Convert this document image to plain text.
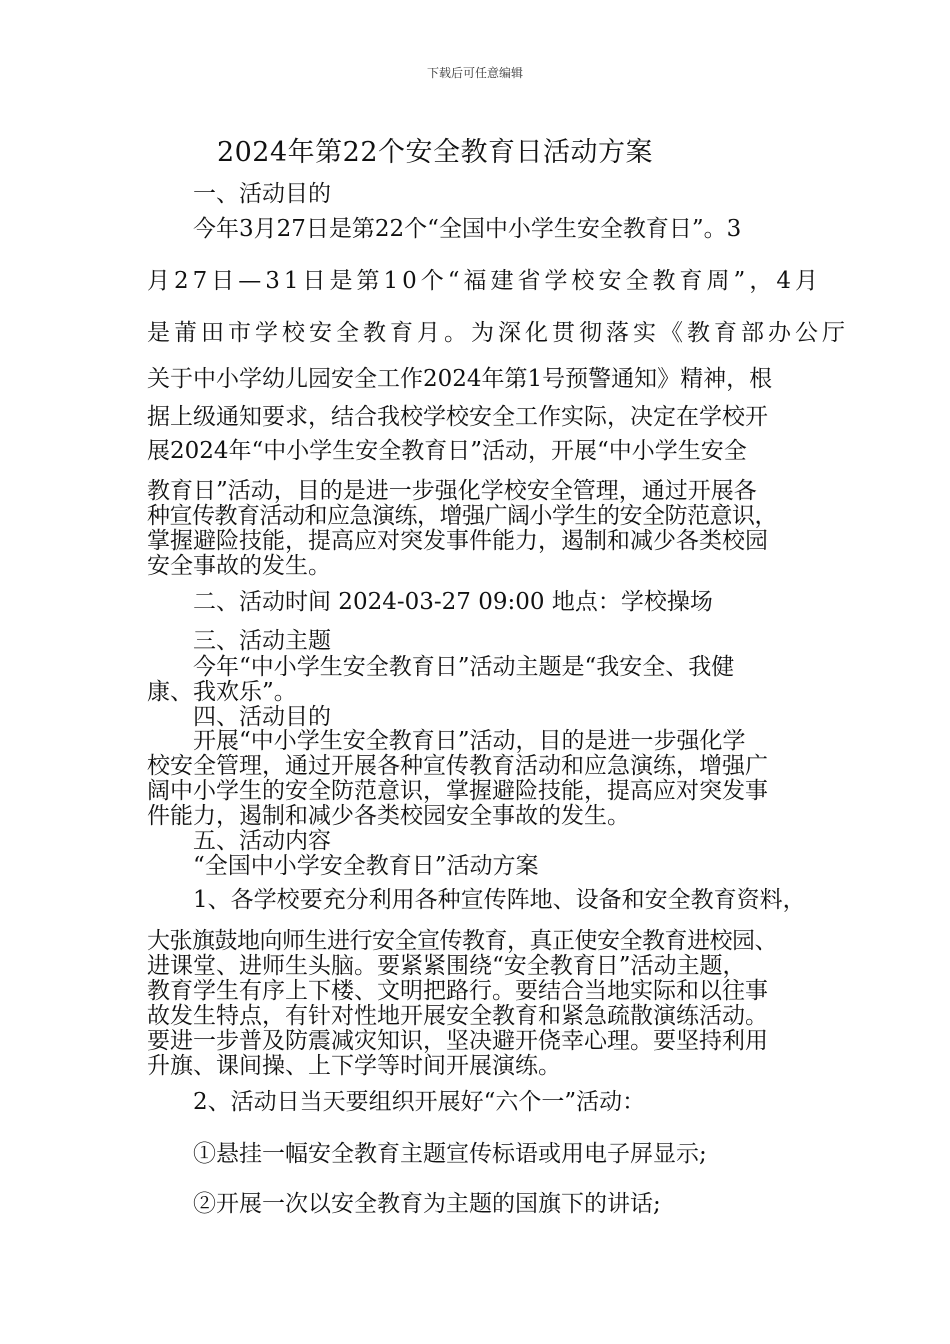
下载后可任意编辑
2024年第22个安全教育日活动方案
一、活动目的
今年3月27日是第22个“全国中小学生安全教育日”。3
月27日—31日是第10个“福建省学校安全教育周”，4月
是莆田市学校安全教育月。为深化贯彻落实《教育部办公厅
关于中小学幼儿园安全工作2024年第1号预警通知》精神，根
据上级通知要求，结合我校学校安全工作实际，决定在学校开
展2024年“中小学生安全教育日”活动，开展“中小学生安全
教育日”活动，目的是进一步强化学校安全管理，通过开展各
种宣传教育活动和应急演练，增强广阔小学生的安全防范意识，
掌握避险技能，提高应对突发事件能力，遏制和减少各类校园
安全事故的发生。
二、活动时间 2024-03-27 09:00 地点：学校操场
三、活动主题
今年“中小学生安全教育日”活动主题是“我安全、我健
康、我欢乐”。
四、活动目的
开展“中小学生安全教育日”活动，目的是进一步强化学
校安全管理，通过开展各种宣传教育活动和应急演练，增强广
阔中小学生的安全防范意识，掌握避险技能，提高应对突发事
件能力，遏制和减少各类校园安全事故的发生。
五、活动内容
“全国中小学安全教育日”活动方案
1、各学校要充分利用各种宣传阵地、设备和安全教育资料，
大张旗鼓地向师生进行安全宣传教育，真正使安全教育进校园、
进课堂、进师生头脑。要紧紧围绕“安全教育日”活动主题，
教育学生有序上下楼、文明把路行。要结合当地实际和以往事
故发生特点，有针对性地开展安全教育和紧急疏散演练活动。
要进一步普及防震减灾知识，坚决避开侥幸心理。要坚持利用
升旗、课间操、上下学等时间开展演练。
2、活动日当天要组织开展好“六个一”活动：
①悬挂一幅安全教育主题宣传标语或用电子屏显示;
②开展一次以安全教育为主题的国旗下的讲话;
